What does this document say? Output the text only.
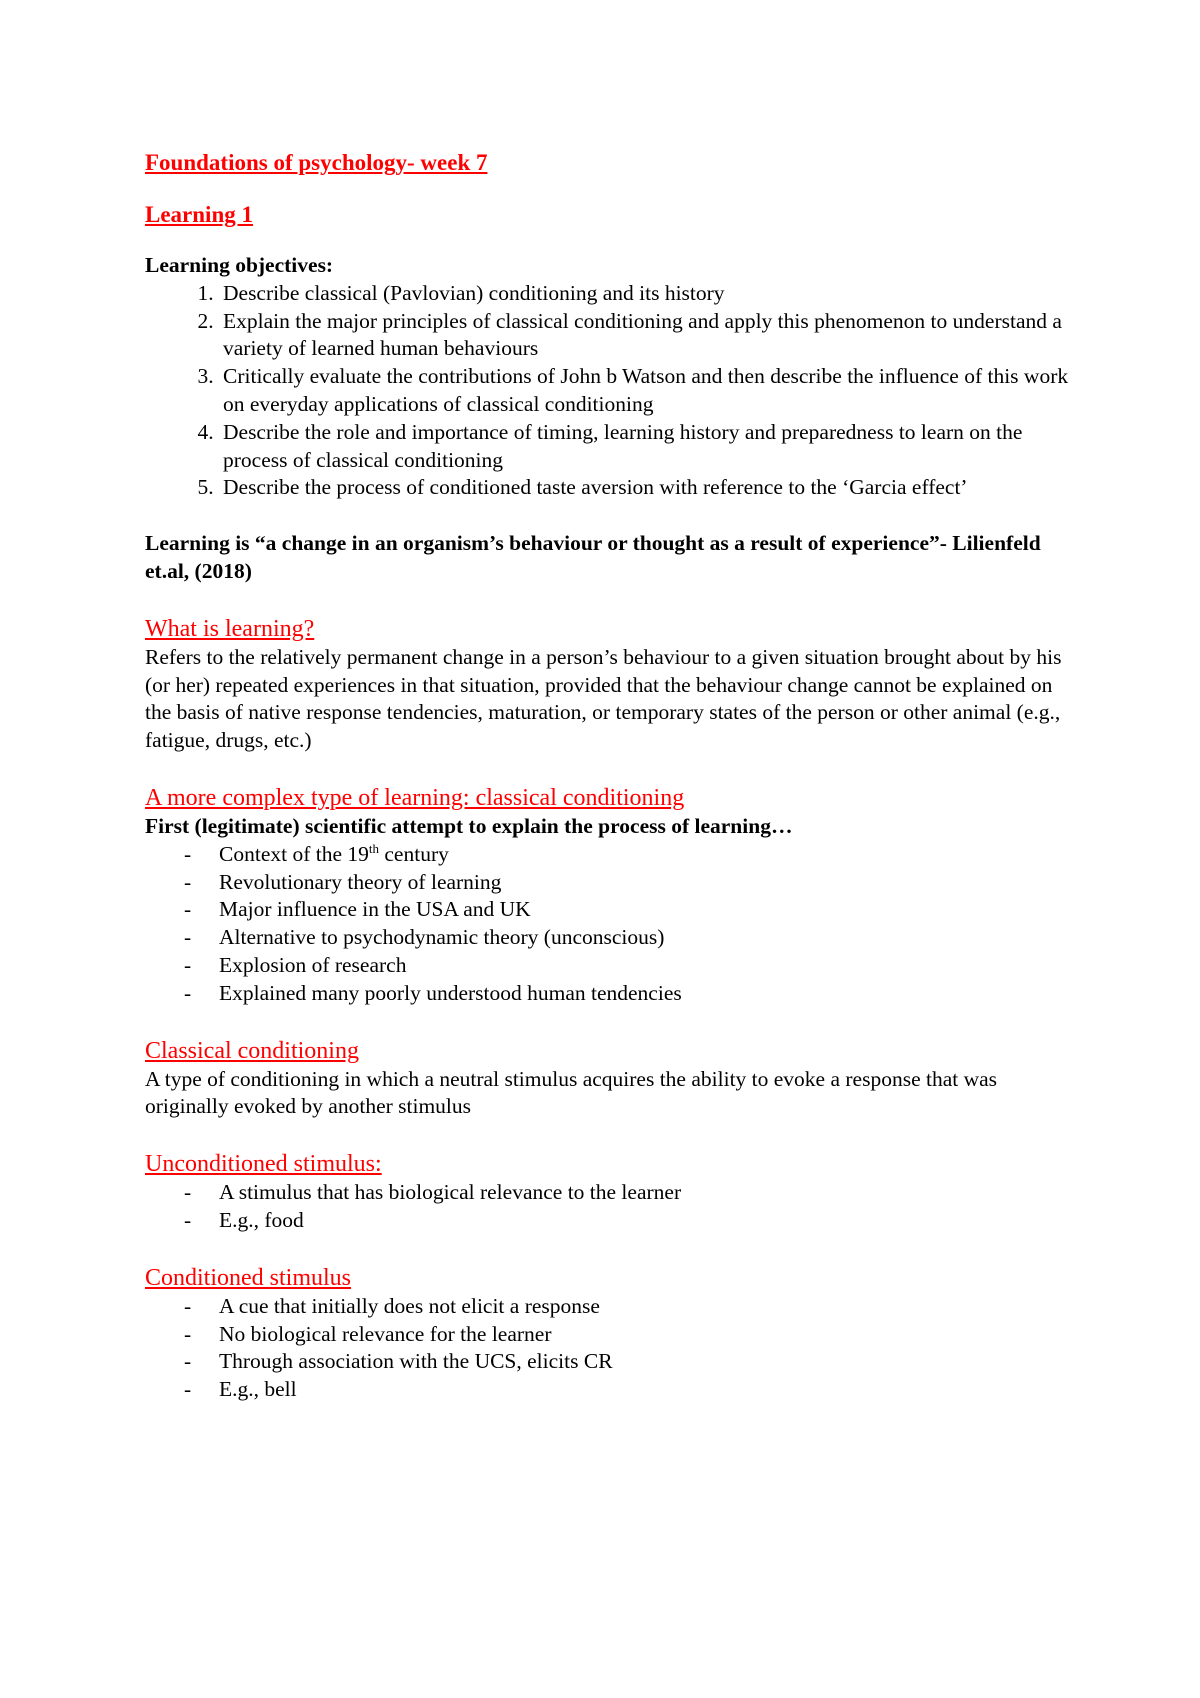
Foundations of psychology- week 7
Learning 1
Learning objectives:
1. Describe classical (Pavlovian) conditioning and its history
2. Explain the major principles of classical conditioning and apply this phenomenon to understand a variety of learned human behaviours
3. Critically evaluate the contributions of John b Watson and then describe the influence of this work on everyday applications of classical conditioning
4. Describe the role and importance of timing, learning history and preparedness to learn on the process of classical conditioning
5. Describe the process of conditioned taste aversion with reference to the ‘Garcia effect’
Learning is “a change in an organism’s behaviour or thought as a result of experience”- Lilienfeld et.al, (2018)
What is learning?
Refers to the relatively permanent change in a person’s behaviour to a given situation brought about by his (or her) repeated experiences in that situation, provided that the behaviour change cannot be explained on the basis of native response tendencies, maturation, or temporary states of the person or other animal (e.g., fatigue, drugs, etc.)
A more complex type of learning: classical conditioning
First (legitimate) scientific attempt to explain the process of learning…
- Context of the 19th century
- Revolutionary theory of learning
- Major influence in the USA and UK
- Alternative to psychodynamic theory (unconscious)
- Explosion of research
- Explained many poorly understood human tendencies
Classical conditioning
A type of conditioning in which a neutral stimulus acquires the ability to evoke a response that was originally evoked by another stimulus
Unconditioned stimulus:
- A stimulus that has biological relevance to the learner
- E.g., food
Conditioned stimulus
- A cue that initially does not elicit a response
- No biological relevance for the learner
- Through association with the UCS, elicits CR
- E.g., bell
